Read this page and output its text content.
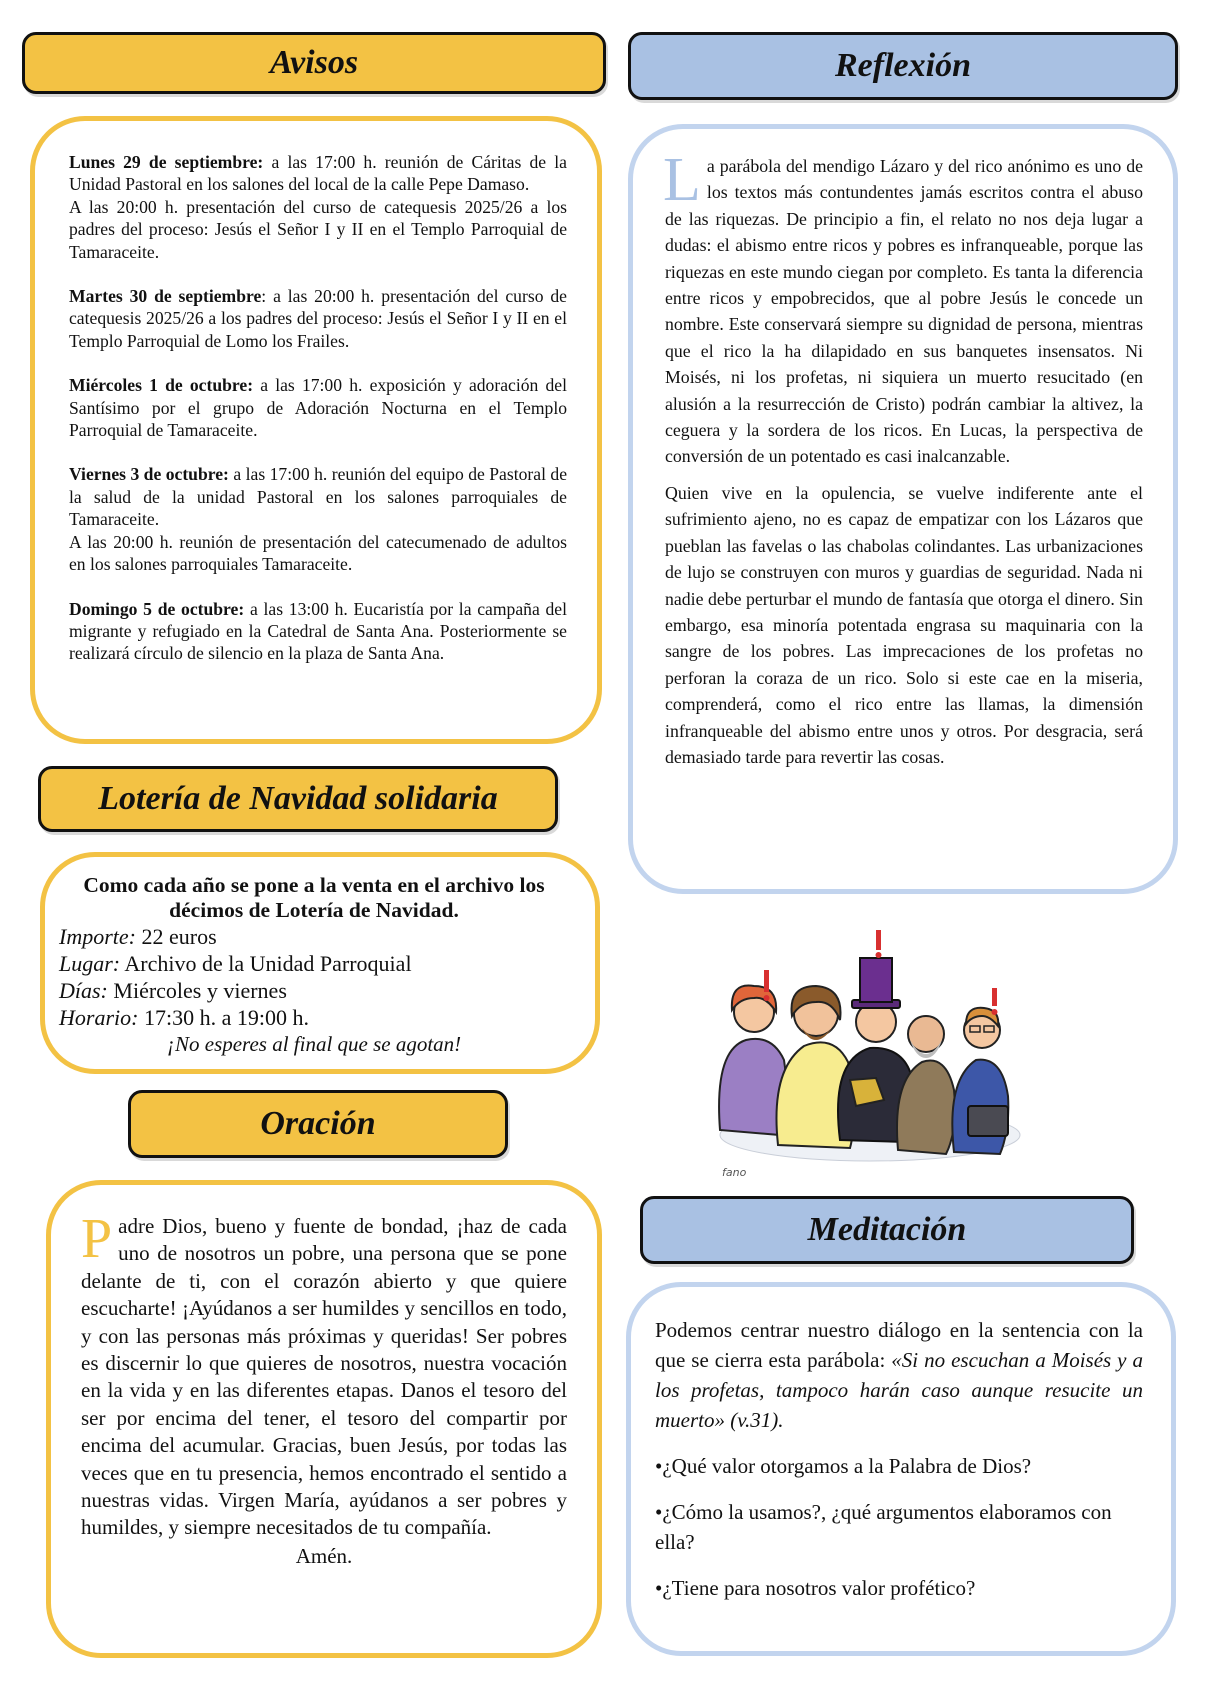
Avisos

Lunes 29 de septiembre: a las 17:00 h. reunión de Cáritas de la Unidad Pastoral en los salones del local de la calle Pepe Damaso.
A las 20:00 h. presentación del curso de catequesis 2025/26 a los padres del proceso: Jesús el Señor I y II en el Templo Parroquial de Tamaraceite.

Martes 30 de septiembre: a las 20:00 h. presentación del curso de catequesis 2025/26 a los padres del proceso: Jesús el Señor I y II en el Templo Parroquial de Lomo los Frailes.

Miércoles 1 de octubre: a las 17:00 h. exposición y adoración del Santísimo por el grupo de Adoración Nocturna en el Templo Parroquial de Tamaraceite.

Viernes 3 de octubre: a las 17:00 h. reunión del equipo de Pastoral de la salud de la unidad Pastoral en los salones parroquiales de Tamaraceite.
A las 20:00 h. reunión de presentación del catecumenado de adultos en los salones parroquiales Tamaraceite.

Domingo 5 de octubre: a las 13:00 h. Eucaristía por la campaña del migrante y refugiado en la Catedral de Santa Ana. Posteriormente se realizará círculo de silencio en la plaza de Santa Ana.

Lotería de Navidad solidaria

Como cada año se pone a la venta en el archivo los décimos de Lotería de Navidad.

Importe: 22 euros

Lugar: Archivo de la Unidad Parroquial

Días: Miércoles y viernes

Horario: 17:30 h. a 19:00 h.

¡No esperes al final que se agotan!

Oración

Padre Dios, bueno y fuente de bondad, ¡haz de cada uno de nosotros un pobre, una persona que se pone delante de ti, con el corazón abierto y que quiere escucharte! ¡Ayúdanos a ser humildes y sencillos en todo, y con las personas más próximas y queridas! Ser pobres es discernir lo que quieres de nosotros, nuestra vocación en la vida y en las diferentes etapas. Danos el tesoro del ser por encima del tener, el tesoro del compartir por encima del acumular. Gracias, buen Jesús, por todas las veces que en tu presencia, hemos encontrado el sentido a nuestras vidas. Virgen María, ayúdanos a ser pobres y humildes, y siempre necesitados de tu compañía.

Amén.

Reflexión

La parábola del mendigo Lázaro y del rico anónimo es uno de los textos más contundentes jamás escritos contra el abuso de las riquezas. De principio a fin, el relato no nos deja lugar a dudas: el abismo entre ricos y pobres es infranqueable, porque las riquezas en este mundo ciegan por completo. Es tanta la diferencia entre ricos y empobrecidos, que al pobre Jesús le concede un nombre. Este conservará siempre su dignidad de persona, mientras que el rico la ha dilapidado en sus banquetes insensatos. Ni Moisés, ni los profetas, ni siquiera un muerto resucitado (en alusión a la resurrección de Cristo) podrán cambiar la altivez, la ceguera y la sordera de los ricos. En Lucas, la perspectiva de conversión de un potentado es casi inalcanzable.

Quien vive en la opulencia, se vuelve indiferente ante el sufrimiento ajeno, no es capaz de empatizar con los Lázaros que pueblan las favelas o las chabolas colindantes. Las urbanizaciones de lujo se construyen con muros y guardias de seguridad. Nada ni nadie debe perturbar el mundo de fantasía que otorga el dinero. Sin embargo, esa minoría potentada engrasa su maquinaria con la sangre de los pobres. Las imprecaciones de los profetas no perforan la coraza de un rico. Solo si este cae en la miseria, comprenderá, como el rico entre las llamas, la dimensión infranqueable del abismo entre unos y otros. Por desgracia, será demasiado tarde para revertir las cosas.

fano
Meditación

Podemos centrar nuestro diálogo en la sentencia con la que se cierra esta parábola: «Si no escuchan a Moisés y a los profetas, tampoco harán caso aunque resucite un muerto» (v.31).

•¿Qué valor otorgamos a la Palabra de Dios?

•¿Cómo la usamos?, ¿qué argumentos elaboramos con ella?

•¿Tiene para nosotros valor profético?
